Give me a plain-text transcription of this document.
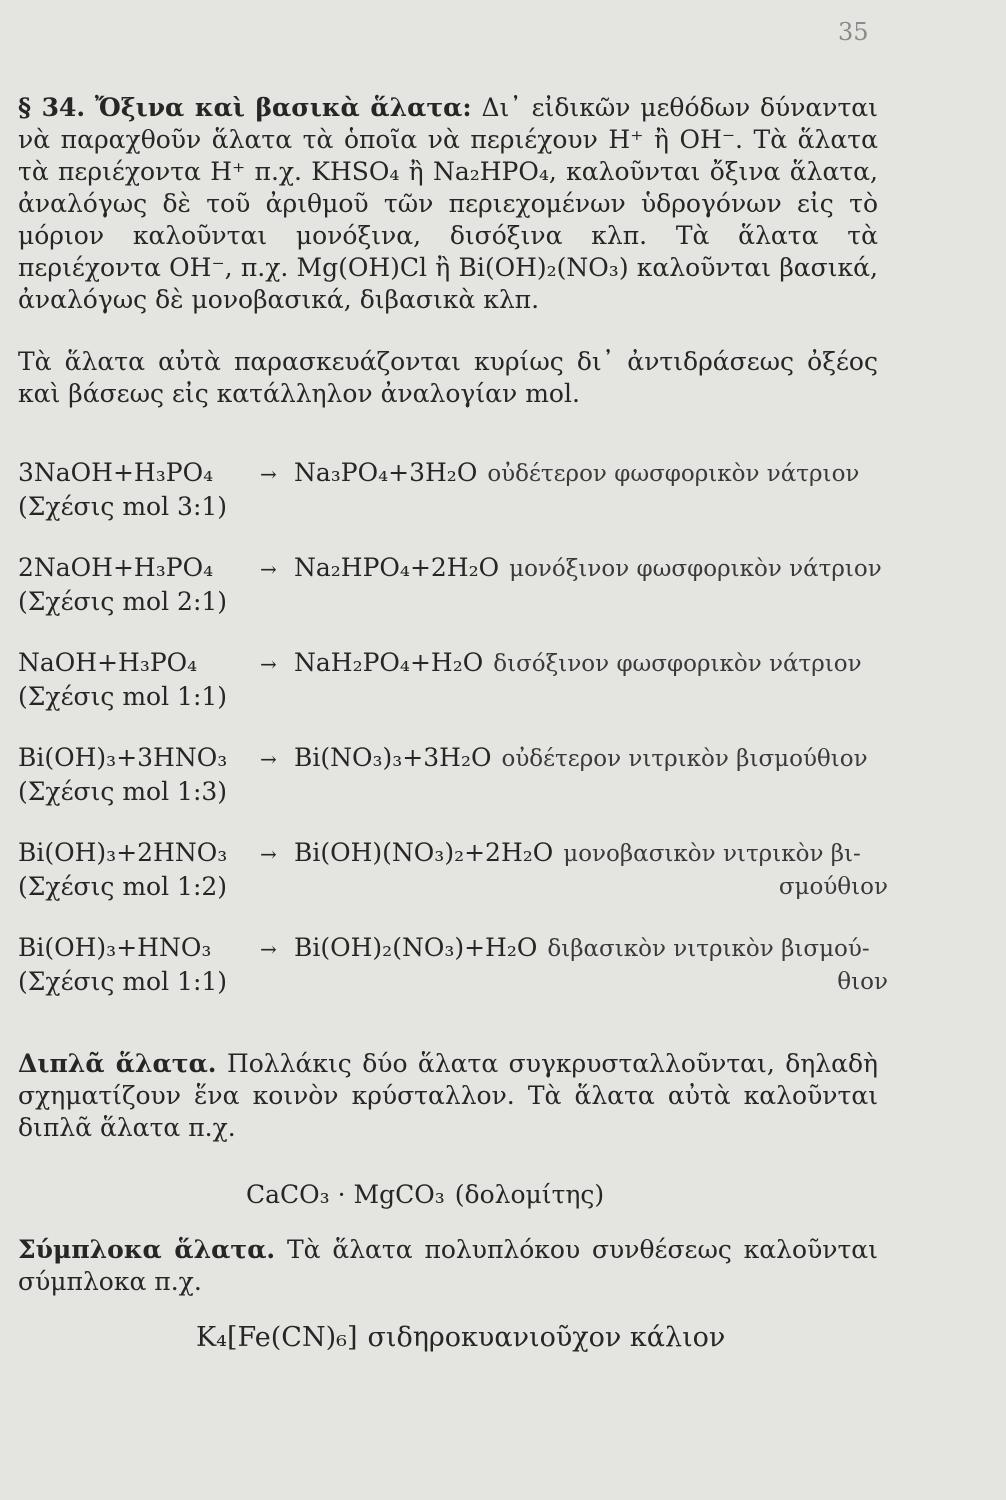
35
§ 34. Ὄξινα καὶ βασικὰ ἅλατα: Δι᾽ εἰδικῶν μεθόδων δύνανται νὰ παραχθοῦν ἅλατα τὰ ὁποῖα νὰ περιέχουν H⁺ ἢ OH⁻. Τὰ ἅλατα τὰ περιέχοντα H⁺ π.χ. KHSO₄ ἢ Na₂HPO₄, καλοῦνται ὄξινα ἅλατα, ἀναλόγως δὲ τοῦ ἀριθμοῦ τῶν περιεχομένων ὑδρογόνων εἰς τὸ μόριον καλοῦνται μονόξινα, δισόξινα κλπ. Τὰ ἅλατα τὰ περιέχοντα OH⁻, π.χ. Mg(OH)Cl ἢ Bi(OH)₂(NO₃) καλοῦνται βασικά, ἀναλόγως δὲ μονοβασικά, διβασικὰ κλπ.
Τὰ ἅλατα αὐτὰ παρασκευάζονται κυρίως δι᾽ ἀντιδράσεως ὀξέος καὶ βάσεως εἰς κατάλληλον ἀναλογίαν mol.
3NaOH+H₃PO₄ → Na₃PO₄+3H₂O οὐδέτερον φωσφορικὸν νάτριον
(Σχέσις mol 3:1)
2NaOH+H₃PO₄ → Na₂HPO₄+2H₂O μονόξινον φωσφορικὸν νάτριον
(Σχέσις mol 2:1)
NaOH+H₃PO₄	→ NaH₂PO₄+H₂O δισόξινον φωσφορικὸν νάτριον
(Σχέσις mol 1:1)
Bi(OH)₃+3HNO₃ → Bi(NO₃)₃+3H₂O οὐδέτερον νιτρικὸν βισμούθιον
(Σχέσις mol 1:3)
Bi(OH)₃+2HNO₃ → Bi(OH)(NO₃)₂+2H₂O μονοβασικὸν νιτρικὸν βι-
(Σχέσις mol 1:2)	σμούθιον
Bi(OH)₃+HNO₃ → Bi(OH)₂(NO₃)+H₂O διβασικὸν νιτρικὸν βισμού-
(Σχέσις mol 1:1)	θιον
Διπλᾶ ἅλατα. Πολλάκις δύο ἅλατα συγκρυσταλλοῦνται, δηλαδὴ σχηματίζουν ἕνα κοινὸν κρύσταλλον. Τὰ ἅλατα αὐτὰ καλοῦνται διπλᾶ ἅλατα π.χ.
CaCO₃ · MgCO₃ (δολομίτης)
Σύμπλοκα ἅλατα. Τὰ ἅλατα πολυπλόκου συνθέσεως καλοῦνται σύμπλοκα π.χ.
K₄[Fe(CN)₆] σιδηροκυανιοῦχον κάλιον
